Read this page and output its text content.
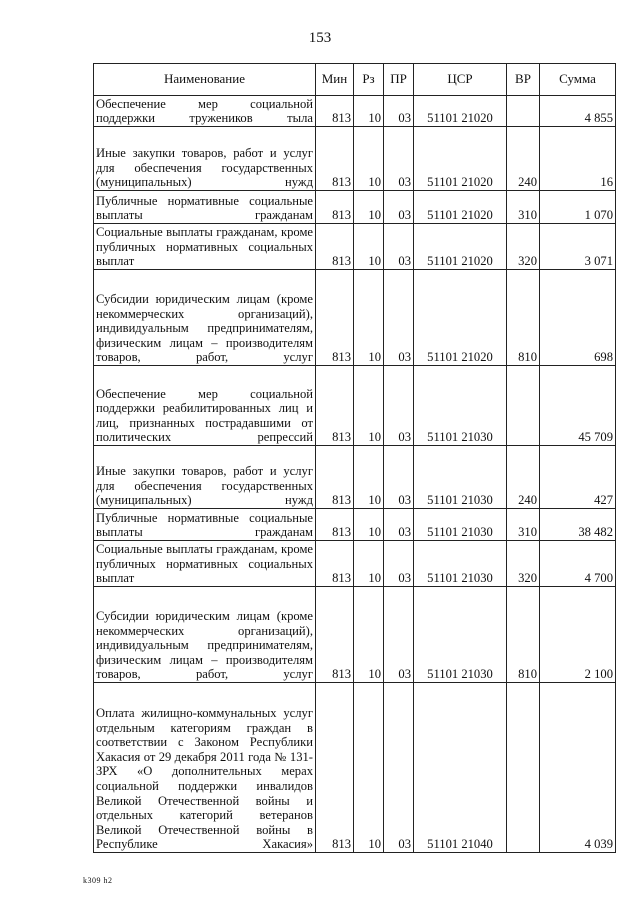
153
Наименование	Мин	Рз	ПР	ЦСР	ВР	Сумма
Обеспечение мер социальной поддержки тружеников тыла	813	10	03	51101 21020		4 855
Иные закупки товаров, работ и услуг для обеспечения государственных (муниципальных) нужд	813	10	03	51101 21020	240	16
Публичные нормативные социальные выплаты гражданам	813	10	03	51101 21020	310	1 070
Социальные выплаты гражданам, кроме публичных нормативных социальных выплат	813	10	03	51101 21020	320	3 071
Субсидии юридическим лицам (кроме некоммерческих организаций), индивидуальным предпринимателям, физическим лицам – производителям товаров, работ, услуг	813	10	03	51101 21020	810	698
Обеспечение мер социальной поддержки реабилитированных лиц и лиц, признанных пострадавшими от политических репрессий	813	10	03	51101 21030		45 709
Иные закупки товаров, работ и услуг для обеспечения государственных (муниципальных) нужд	813	10	03	51101 21030	240	427
Публичные нормативные социальные выплаты гражданам	813	10	03	51101 21030	310	38 482
Социальные выплаты гражданам, кроме публичных нормативных социальных выплат	813	10	03	51101 21030	320	4 700
Субсидии юридическим лицам (кроме некоммерческих организаций), индивидуальным предпринимателям, физическим лицам – производителям товаров, работ, услуг	813	10	03	51101 21030	810	2 100
Оплата жилищно-коммунальных услуг отдельным категориям граждан в соответствии с Законом Республики Хакасия от 29 декабря 2011 года № 131-ЗРХ «О дополнительных мерах социальной поддержки инвалидов Великой Отечественной войны и отдельных категорий ветеранов Великой Отечественной войны в Республике Хакасия»	813	10	03	51101 21040		4 039
k309 h2
